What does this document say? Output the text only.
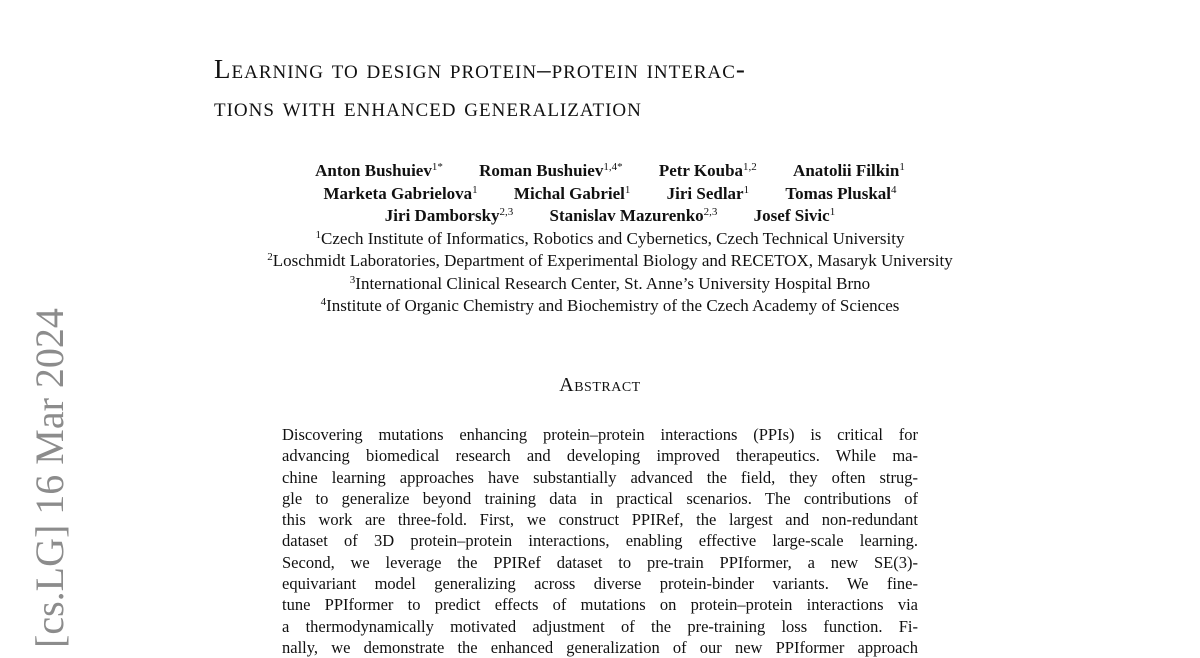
Learning to design protein–protein interac-
tions with enhanced generalization
Anton Bushuiev$^{1*}$ Roman Bushuiev$^{1,4*}$ Petr Kouba$^{1,2}$ Anatolii Filkin$^1$
Marketa Gabrielova$^1$ Michal Gabriel$^1$ Jiri Sedlar$^1$ Tomas Pluskal$^4$
Jiri Damborsky$^{2,3}$ Stanislav Mazurenko$^{2,3}$ Josef Sivic$^1$
$^1$Czech Institute of Informatics, Robotics and Cybernetics, Czech Technical University
$^2$Loschmidt Laboratories, Department of Experimental Biology and RECETOX, Masaryk University
$^3$International Clinical Research Center, St. Anne’s University Hospital Brno
$^4$Institute of Organic Chemistry and Biochemistry of the Czech Academy of Sciences
Abstract
Discovering mutations enhancing protein–protein interactions (PPIs) is critical for
advancing biomedical research and developing improved therapeutics. While ma-
chine learning approaches have substantially advanced the field, they often strug-
gle to generalize beyond training data in practical scenarios. The contributions of
this work are three-fold. First, we construct PPIRef, the largest and non-redundant
dataset of 3D protein–protein interactions, enabling effective large-scale learning.
Second, we leverage the PPIRef dataset to pre-train PPIformer, a new SE(3)-
equivariant model generalizing across diverse protein-binder variants. We fine-
tune PPIformer to predict effects of mutations on protein–protein interactions via
a thermodynamically motivated adjustment of the pre-training loss function. Fi-
nally, we demonstrate the enhanced generalization of our new PPIformer approach
[cs.LG] 16 Mar 2024
